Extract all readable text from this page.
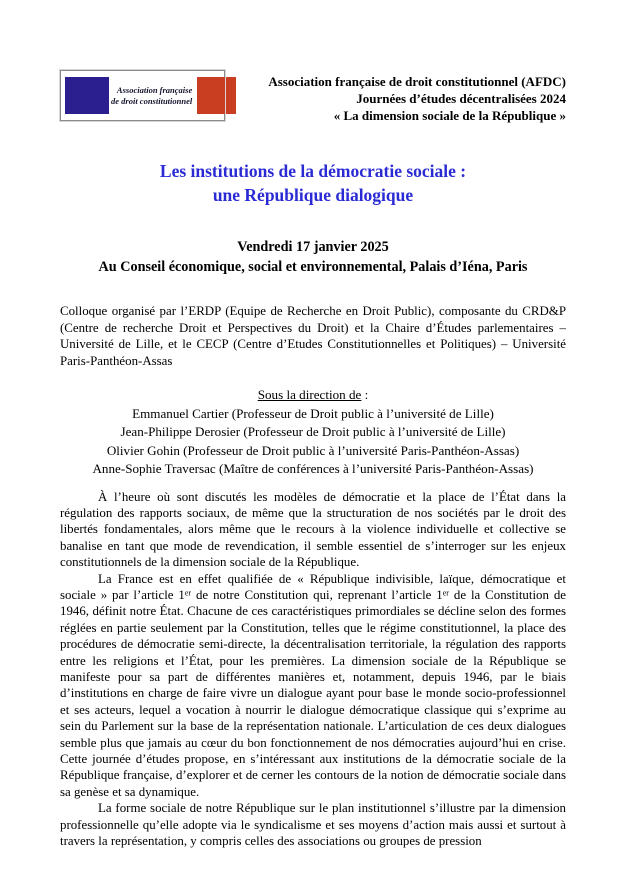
Association française
de droit constitutionnel
Association française de droit constitutionnel (AFDC)
Journées d’études décentralisées 2024
« La dimension sociale de la République »
Les institutions de la démocratie sociale :
une République dialogique
Vendredi 17 janvier 2025
Au Conseil économique, social et environnemental, Palais d’Iéna, Paris

Colloque organisé par l’ERDP (Equipe de Recherche en Droit Public), composante du CRD&P (Centre de recherche Droit et Perspectives du Droit) et la Chaire d’Études parlementaires – Université de Lille, et le CECP (Centre d’Etudes Constitutionnelles et Politiques) – Université Paris-Panthéon-Assas

Sous la direction de :
Emmanuel Cartier (Professeur de Droit public à l’université de Lille)
Jean-Philippe Derosier (Professeur de Droit public à l’université de Lille)
Olivier Gohin (Professeur de Droit public à l’université Paris-Panthéon-Assas)
Anne-Sophie Traversac (Maître de conférences à l’université Paris-Panthéon-Assas)

À l’heure où sont discutés les modèles de démocratie et la place de l’État dans la régulation des rapports sociaux, de même que la structuration de nos sociétés par le droit des libertés fondamentales, alors même que le recours à la violence individuelle et collective se banalise en tant que mode de revendication, il semble essentiel de s’interroger sur les enjeux constitutionnels de la dimension sociale de la République.

La France est en effet qualifiée de « République indivisible, laïque, démocratique et sociale » par l’article 1er de notre Constitution qui, reprenant l’article 1er de la Constitution de 1946, définit notre État. Chacune de ces caractéristiques primordiales se décline selon des formes réglées en partie seulement par la Constitution, telles que le régime constitutionnel, la place des procédures de démocratie semi-directe, la décentralisation territoriale, la régulation des rapports entre les religions et l’État, pour les premières. La dimension sociale de la République se manifeste pour sa part de différentes manières et, notamment, depuis 1946, par le biais d’institutions en charge de faire vivre un dialogue ayant pour base le monde socio-professionnel et ses acteurs, lequel a vocation à nourrir le dialogue démocratique classique qui s’exprime au sein du Parlement sur la base de la représentation nationale. L’articulation de ces deux dialogues semble plus que jamais au cœur du bon fonctionnement de nos démocraties aujourd’hui en crise. Cette journée d’études propose, en s’intéressant aux institutions de la démocratie sociale de la République française, d’explorer et de cerner les contours de la notion de démocratie sociale dans sa genèse et sa dynamique.

La forme sociale de notre République sur le plan institutionnel s’illustre par la dimension professionnelle qu’elle adopte via le syndicalisme et ses moyens d’action mais aussi et surtout à travers la représentation, y compris celles des associations ou groupes de pression
